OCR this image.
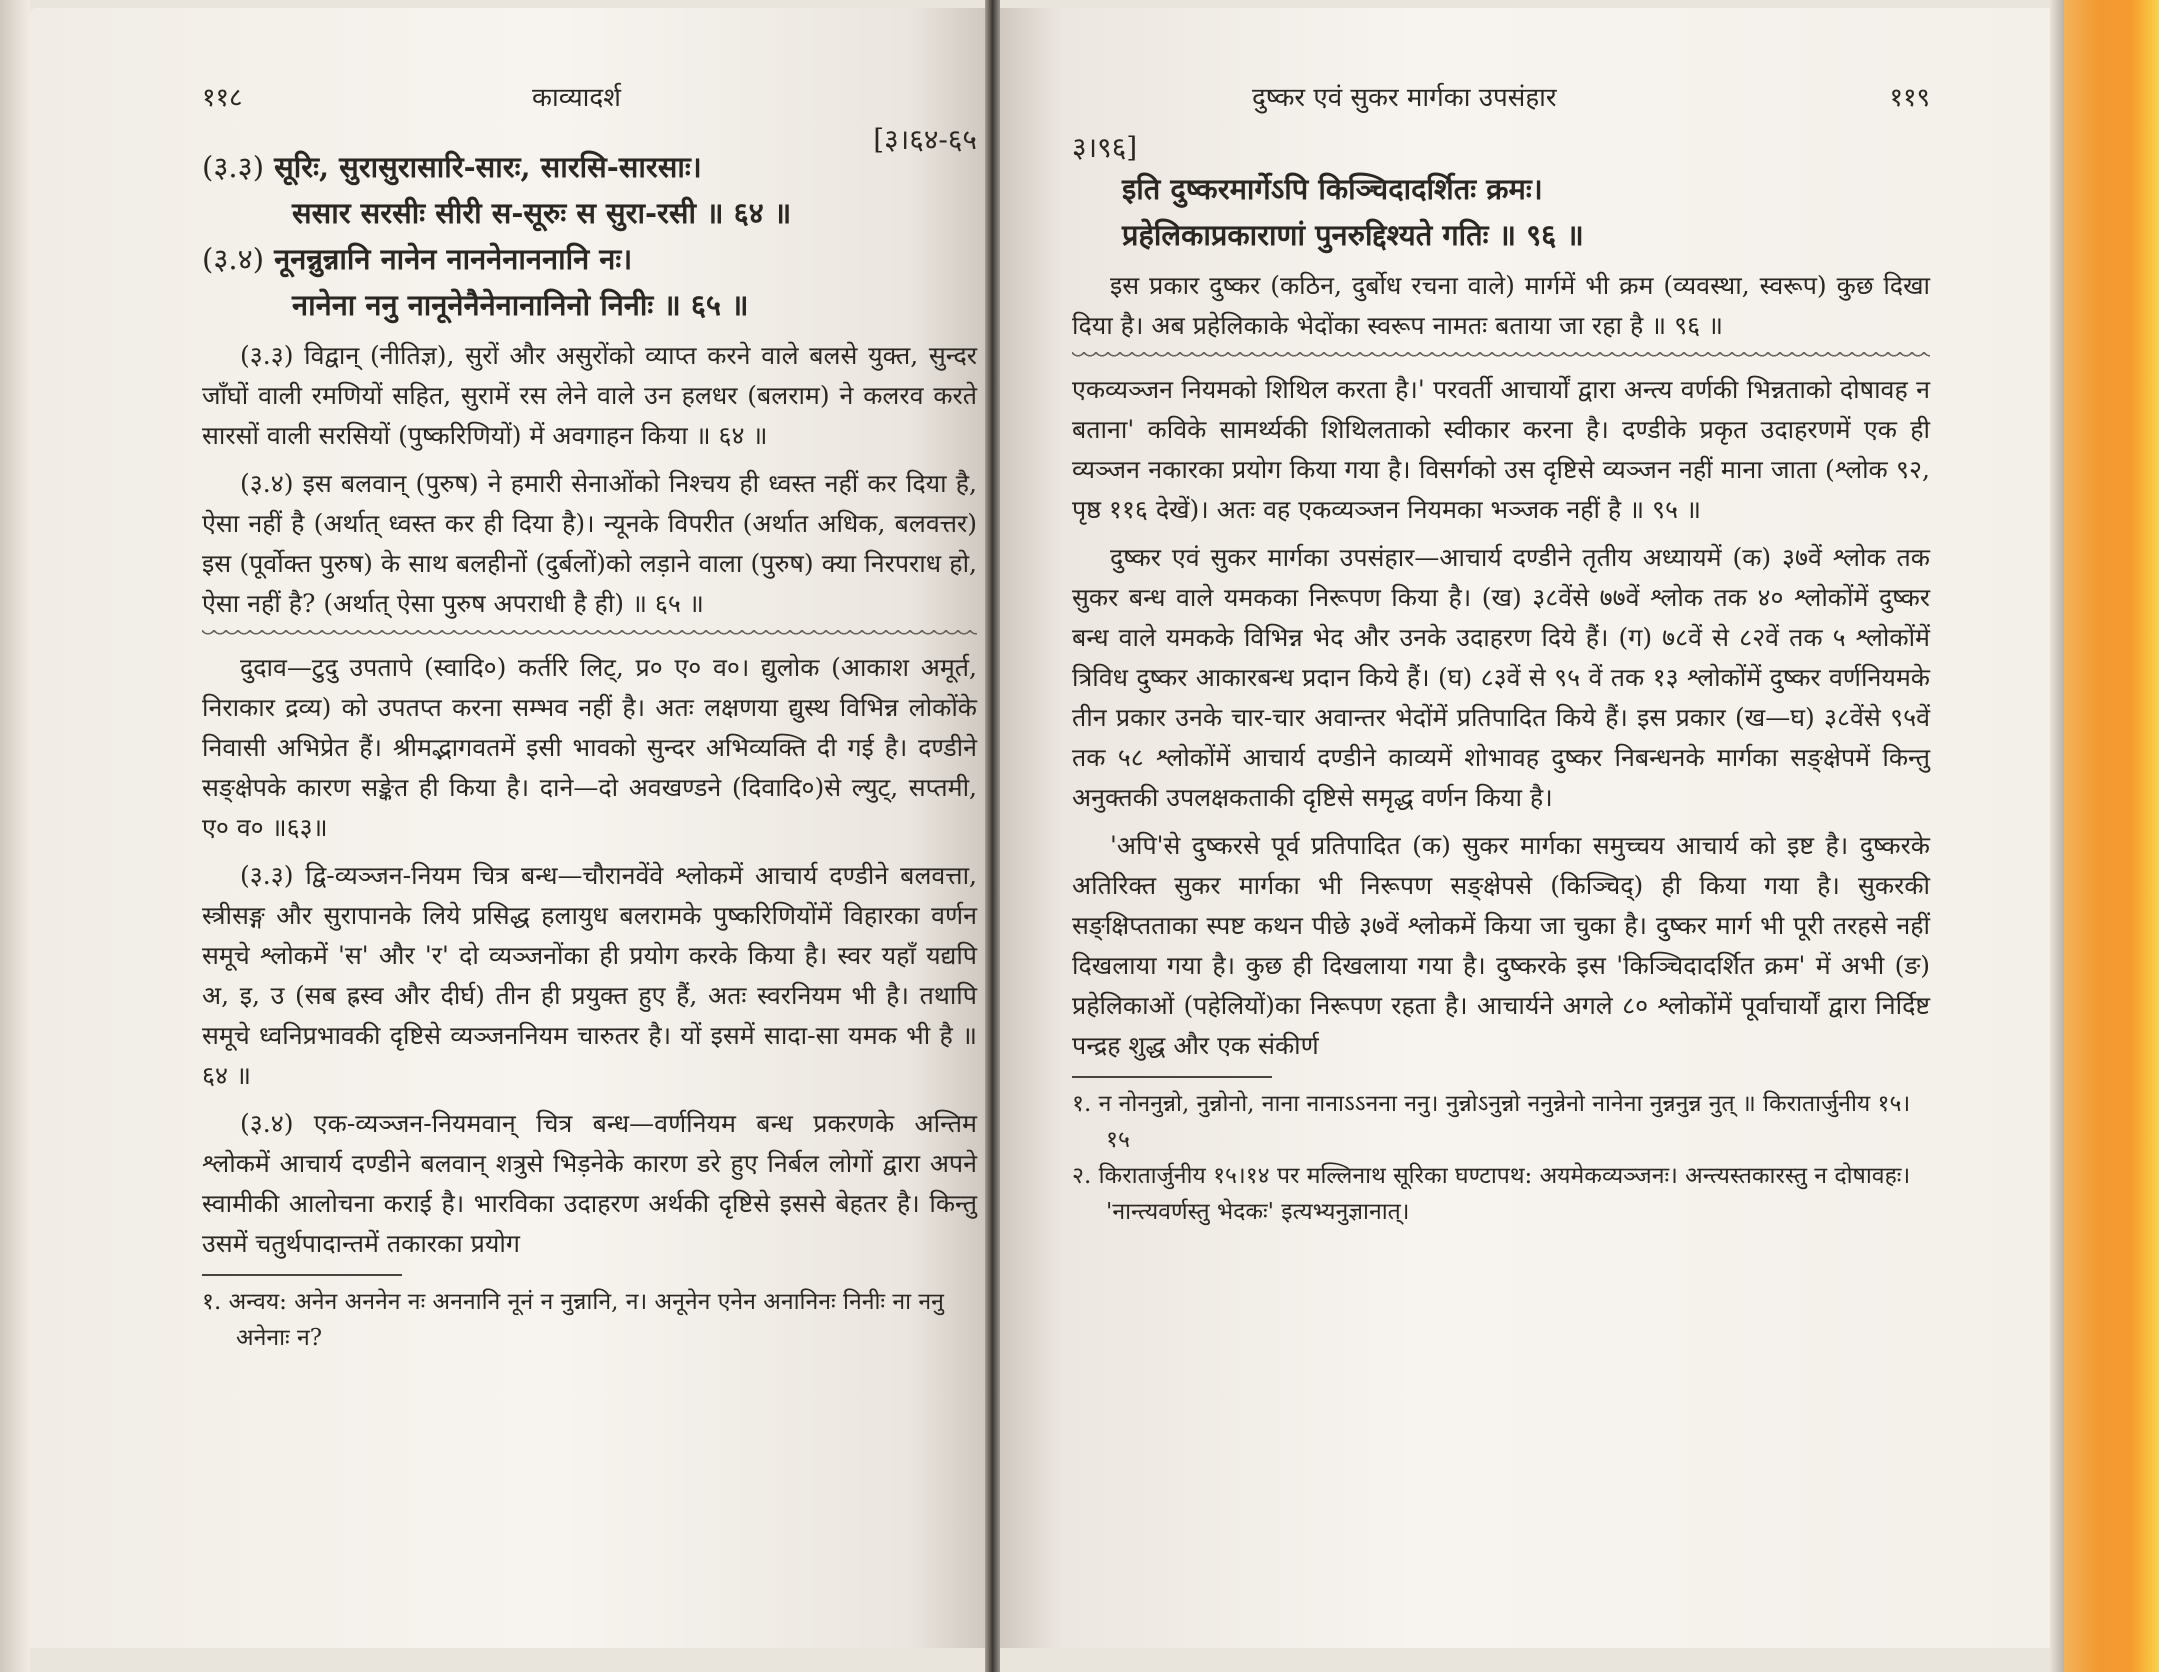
११८	काव्यादर्श
[३।६४-६५
(३.३) सूरिः, सुरासुरासारि-सारः, सारसि-सारसाः।
ससार सरसीः सीरी स-सूरुः स सुरा-रसी ॥ ६४ ॥
(३.४) नूनन्नुन्नानि नानेन नाननेनाननानि नः।
नानेना ननु नानूनेनैनेनानानिनो निनीः ॥ ६५ ॥

(३.३) विद्वान् (नीतिज्ञ), सुरों और असुरोंको व्याप्त करने वाले बलसे युक्त, सुन्दर जाँघों वाली रमणियों सहित, सुरामें रस लेने वाले उन हलधर (बलराम) ने कलरव करते सारसों वाली सरसियों (पुष्करिणियों) में अवगाहन किया ॥ ६४ ॥

(३.४) इस बलवान् (पुरुष) ने हमारी सेनाओंको निश्चय ही ध्वस्त नहीं कर दिया है, ऐसा नहीं है (अर्थात् ध्वस्त कर ही दिया है)। न्यूनके विपरीत (अर्थात अधिक, बलवत्तर) इस (पूर्वोक्त पुरुष) के साथ बलहीनों (दुर्बलों)को लड़ाने वाला (पुरुष) क्या निरपराध हो, ऐसा नहीं है? (अर्थात् ऐसा पुरुष अपराधी है ही) ॥ ६५ ॥

दुदाव—टुदु उपतापे (स्वादि०) कर्तरि लिट्, प्र० ए० व०। द्युलोक (आकाश अमूर्त, निराकार द्रव्य) को उपतप्त करना सम्भव नहीं है। अतः लक्षणया द्युस्थ विभिन्न लोकोंके निवासी अभिप्रेत हैं। श्रीमद्भागवतमें इसी भावको सुन्दर अभिव्यक्ति दी गई है। दण्डीने सङ्क्षेपके कारण सङ्केत ही किया है। दाने—दो अवखण्डने (दिवादि०)से ल्युट्, सप्तमी, ए० व० ॥६३॥

(३.३) द्वि-व्यञ्जन-नियम चित्र बन्ध—चौरानवेंवे श्लोकमें आचार्य दण्डीने बलवत्ता, स्त्रीसङ्ग और सुरापानके लिये प्रसिद्ध हलायुध बलरामके पुष्करिणियोंमें विहारका वर्णन समूचे श्लोकमें 'स' और 'र' दो व्यञ्जनोंका ही प्रयोग करके किया है। स्वर यहाँ यद्यपि अ, इ, उ (सब ह्रस्व और दीर्घ) तीन ही प्रयुक्त हुए हैं, अतः स्वरनियम भी है। तथापि समूचे ध्वनिप्रभावकी दृष्टिसे व्यञ्जननियम चारुतर है। यों इसमें सादा-सा यमक भी है ॥ ६४ ॥

(३.४) एक-व्यञ्जन-नियमवान् चित्र बन्ध—वर्णनियम बन्ध प्रकरणके अन्तिम श्लोकमें आचार्य दण्डीने बलवान् शत्रुसे भिड़नेके कारण डरे हुए निर्बल लोगों द्वारा अपने स्वामीकी आलोचना कराई है। भारविका उदाहरण अर्थकी दृष्टिसे इससे बेहतर है। किन्तु उसमें चतुर्थपादान्तमें तकारका प्रयोग

१. अन्वय: अनेन अननेन नः अननानि नूनं न नुन्नानि, न। अनूनेन एनेन अनानिनः निनीः ना ननु अनेनाः न?

३।९६]
दुष्कर एवं सुकर मार्गका उपसंहार	११९
इति दुष्करमार्गेऽपि किञ्चिदादर्शितः क्रमः।
प्रहेलिकाप्रकाराणां पुनरुद्दिश्यते गतिः ॥ ९६ ॥

इस प्रकार दुष्कर (कठिन, दुर्बोध रचना वाले) मार्गमें भी क्रम (व्यवस्था, स्वरूप) कुछ दिखा दिया है। अब प्रहेलिकाके भेदोंका स्वरूप नामतः बताया जा रहा है ॥ ९६ ॥

एकव्यञ्जन नियमको शिथिल करता है।' परवर्ती आचार्यों द्वारा अन्त्य वर्णकी भिन्नताको दोषावह न बताना' कविके सामर्थ्यकी शिथिलताको स्वीकार करना है। दण्डीके प्रकृत उदाहरणमें एक ही व्यञ्जन नकारका प्रयोग किया गया है। विसर्गको उस दृष्टिसे व्यञ्जन नहीं माना जाता (श्लोक ९२, पृष्ठ ११६ देखें)। अतः वह एकव्यञ्जन नियमका भञ्जक नहीं है ॥ ९५ ॥

दुष्कर एवं सुकर मार्गका उपसंहार—आचार्य दण्डीने तृतीय अध्यायमें (क) ३७वें श्लोक तक सुकर बन्ध वाले यमकका निरूपण किया है। (ख) ३८वेंसे ७७वें श्लोक तक ४० श्लोकोंमें दुष्कर बन्ध वाले यमकके विभिन्न भेद और उनके उदाहरण दिये हैं। (ग) ७८वें से ८२वें तक ५ श्लोकोंमें त्रिविध दुष्कर आकारबन्ध प्रदान किये हैं। (घ) ८३वें से ९५ वें तक १३ श्लोकोंमें दुष्कर वर्णनियमके तीन प्रकार उनके चार-चार अवान्तर भेदोंमें प्रतिपादित किये हैं। इस प्रकार (ख—घ) ३८वेंसे ९५वें तक ५८ श्लोकोंमें आचार्य दण्डीने काव्यमें शोभावह दुष्कर निबन्धनके मार्गका सङ्क्षेपमें किन्तु अनुक्तकी उपलक्षकताकी दृष्टिसे समृद्ध वर्णन किया है।

'अपि'से दुष्करसे पूर्व प्रतिपादित (क) सुकर मार्गका समुच्चय आचार्य को इष्ट है। दुष्करके अतिरिक्त सुकर मार्गका भी निरूपण सङ्क्षेपसे (किञ्चिद्) ही किया गया है। सुकरकी सङ्क्षिप्तताका स्पष्ट कथन पीछे ३७वें श्लोकमें किया जा चुका है। दुष्कर मार्ग भी पूरी तरहसे नहीं दिखलाया गया है। कुछ ही दिखलाया गया है। दुष्करके इस 'किञ्चिदादर्शित क्रम' में अभी (ङ) प्रहेलिकाओं (पहेलियों)का निरूपण रहता है। आचार्यने अगले ८० श्लोकोंमें पूर्वाचार्यों द्वारा निर्दिष्ट पन्द्रह शुद्ध और एक संकीर्ण

१. न नोननुन्नो, नुन्नोनो, नाना नानाऽऽनना ननु। नुन्नोऽनुन्नो ननुन्नेनो नानेना नुन्ननुन्न नुत् ॥ किरातार्जुनीय १५।१५

२. किरातार्जुनीय १५।१४ पर मल्लिनाथ सूरिका घण्टापथ: अयमेकव्यञ्जनः। अन्त्यस्तकारस्तु न दोषावहः। 'नान्त्यवर्णस्तु भेदकः' इत्यभ्यनुज्ञानात्।
